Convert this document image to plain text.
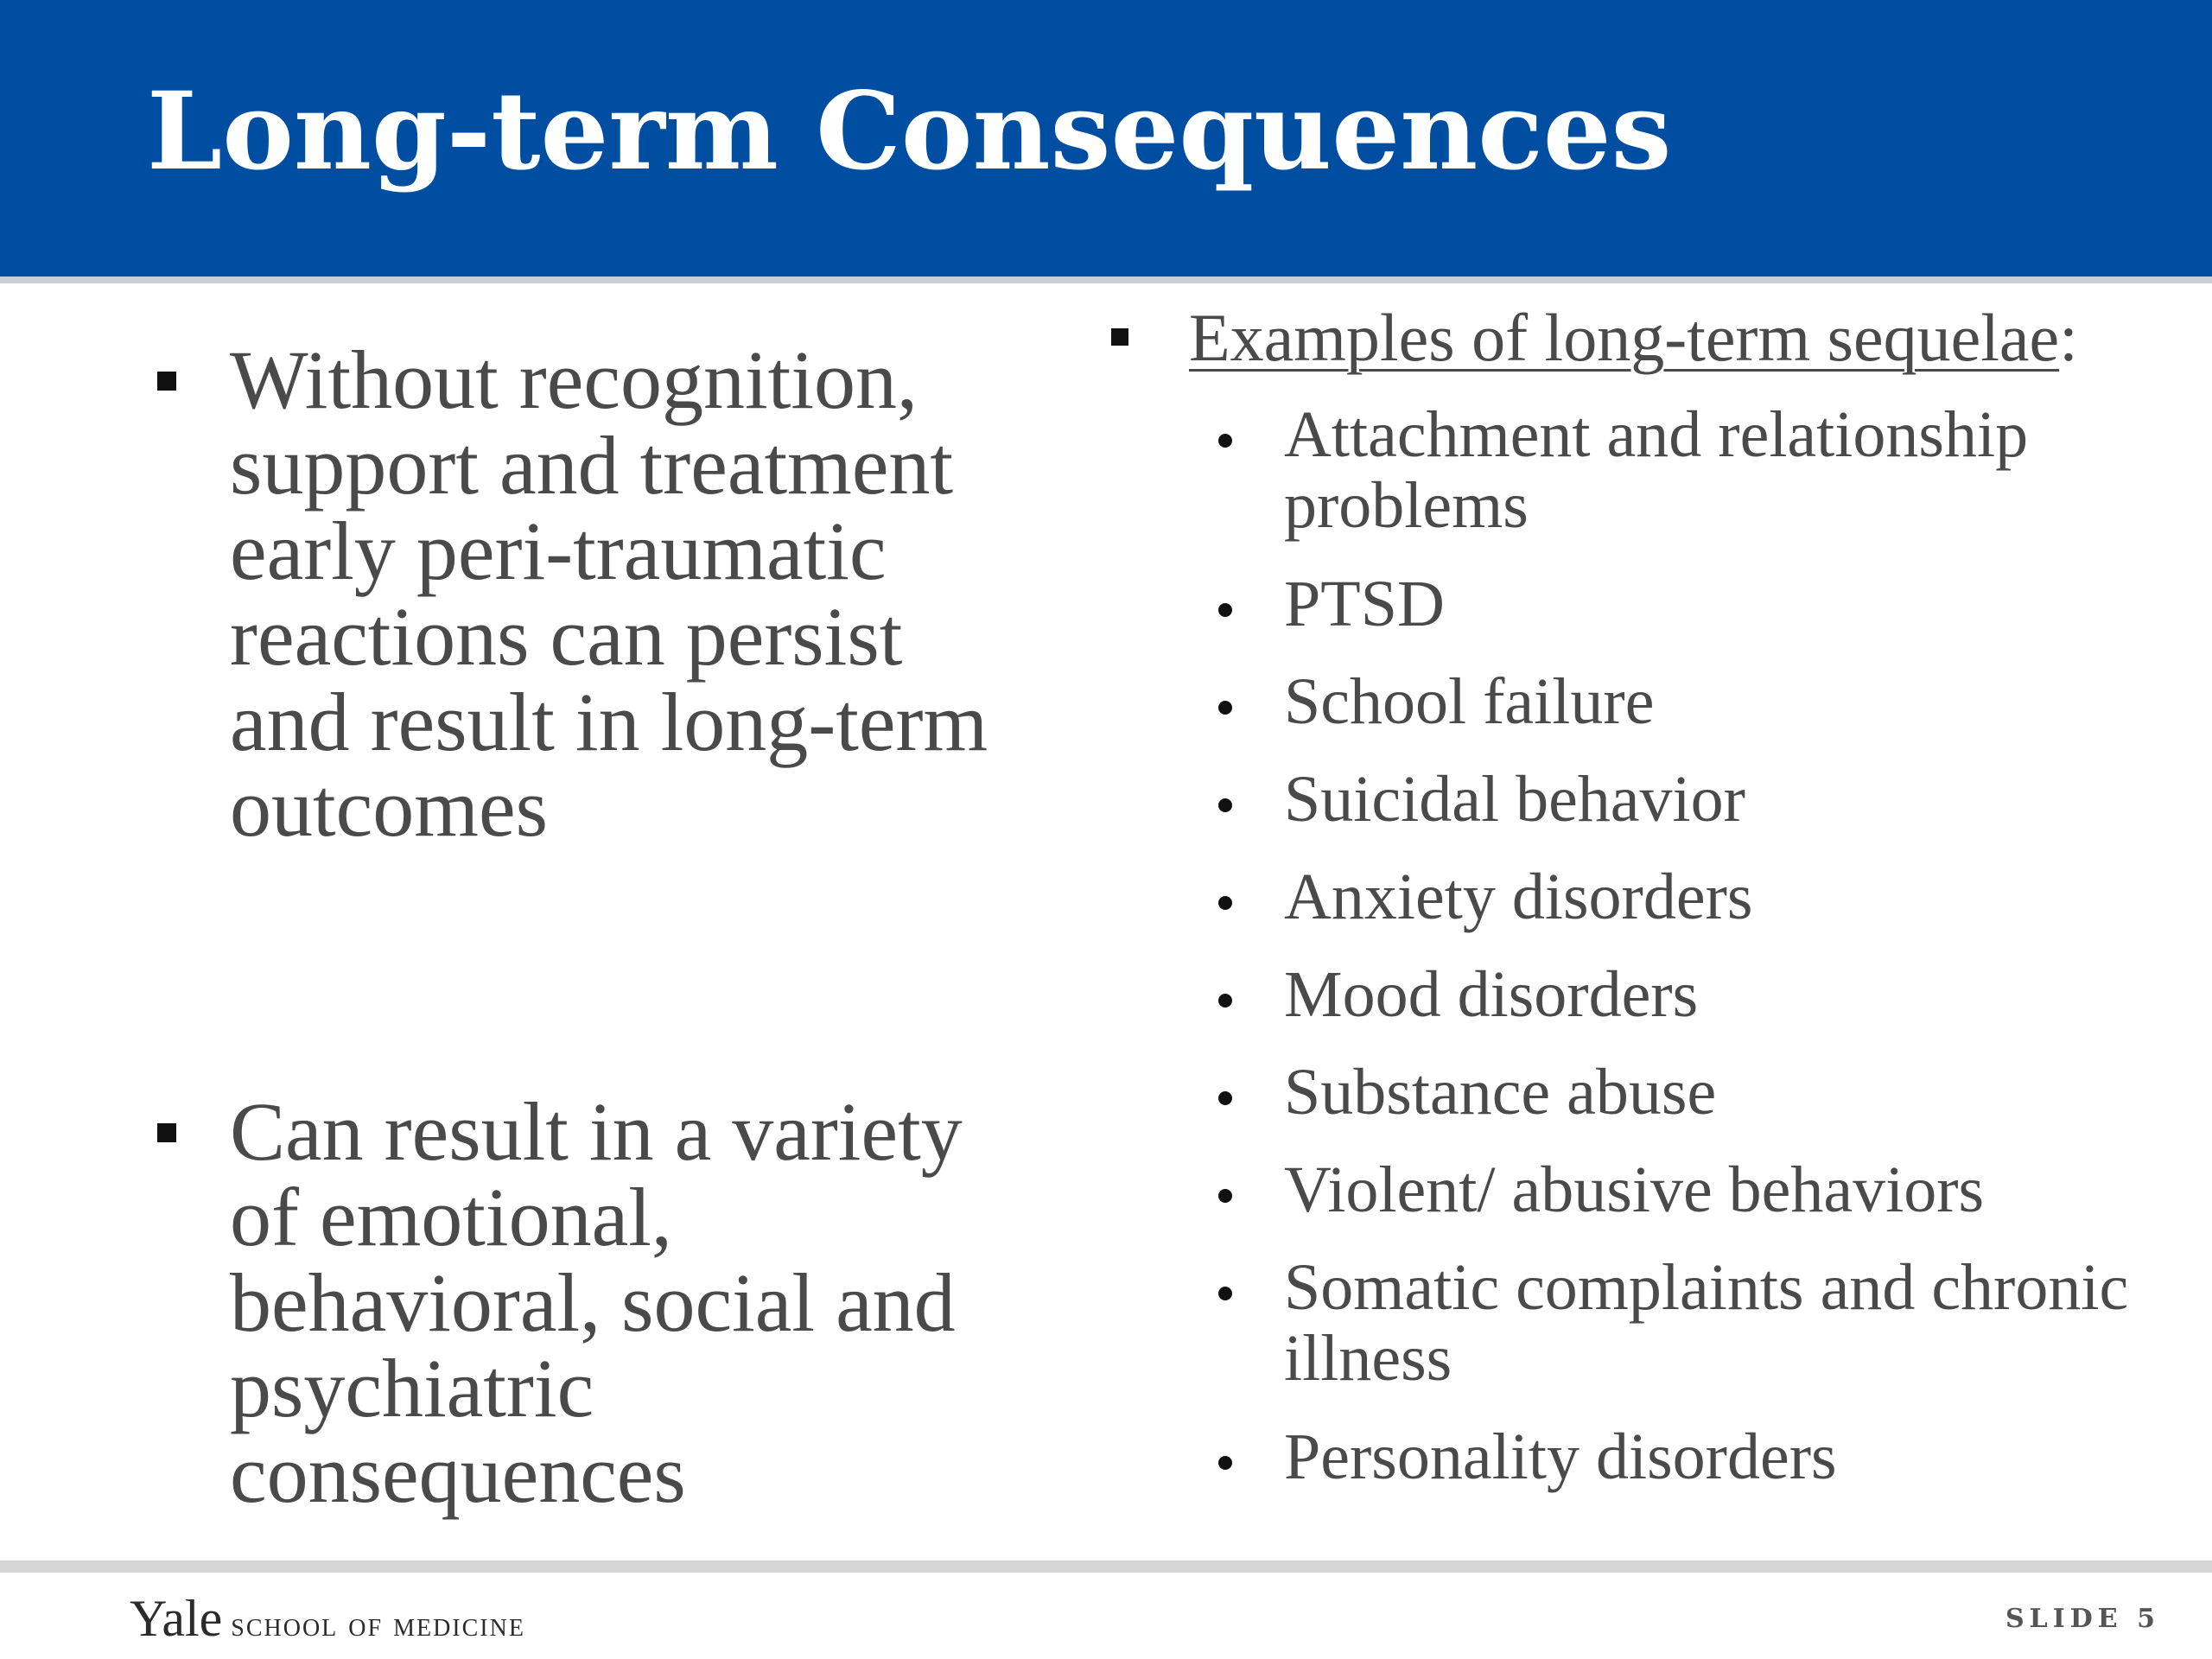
Long-term Consequences
Without recognition, support and treatment early peri-traumatic reactions can persist and result in long-term outcomes
Can result in a variety of emotional, behavioral, social and psychiatric consequences
Examples of long-term sequelae:
Attachment and relationship problems
PTSD
School failure
Suicidal behavior
Anxiety disorders
Mood disorders
Substance abuse
Violent/ abusive behaviors
Somatic complaints and chronic illness
Personality disorders
Yale school of medicine	SLIDE 5
